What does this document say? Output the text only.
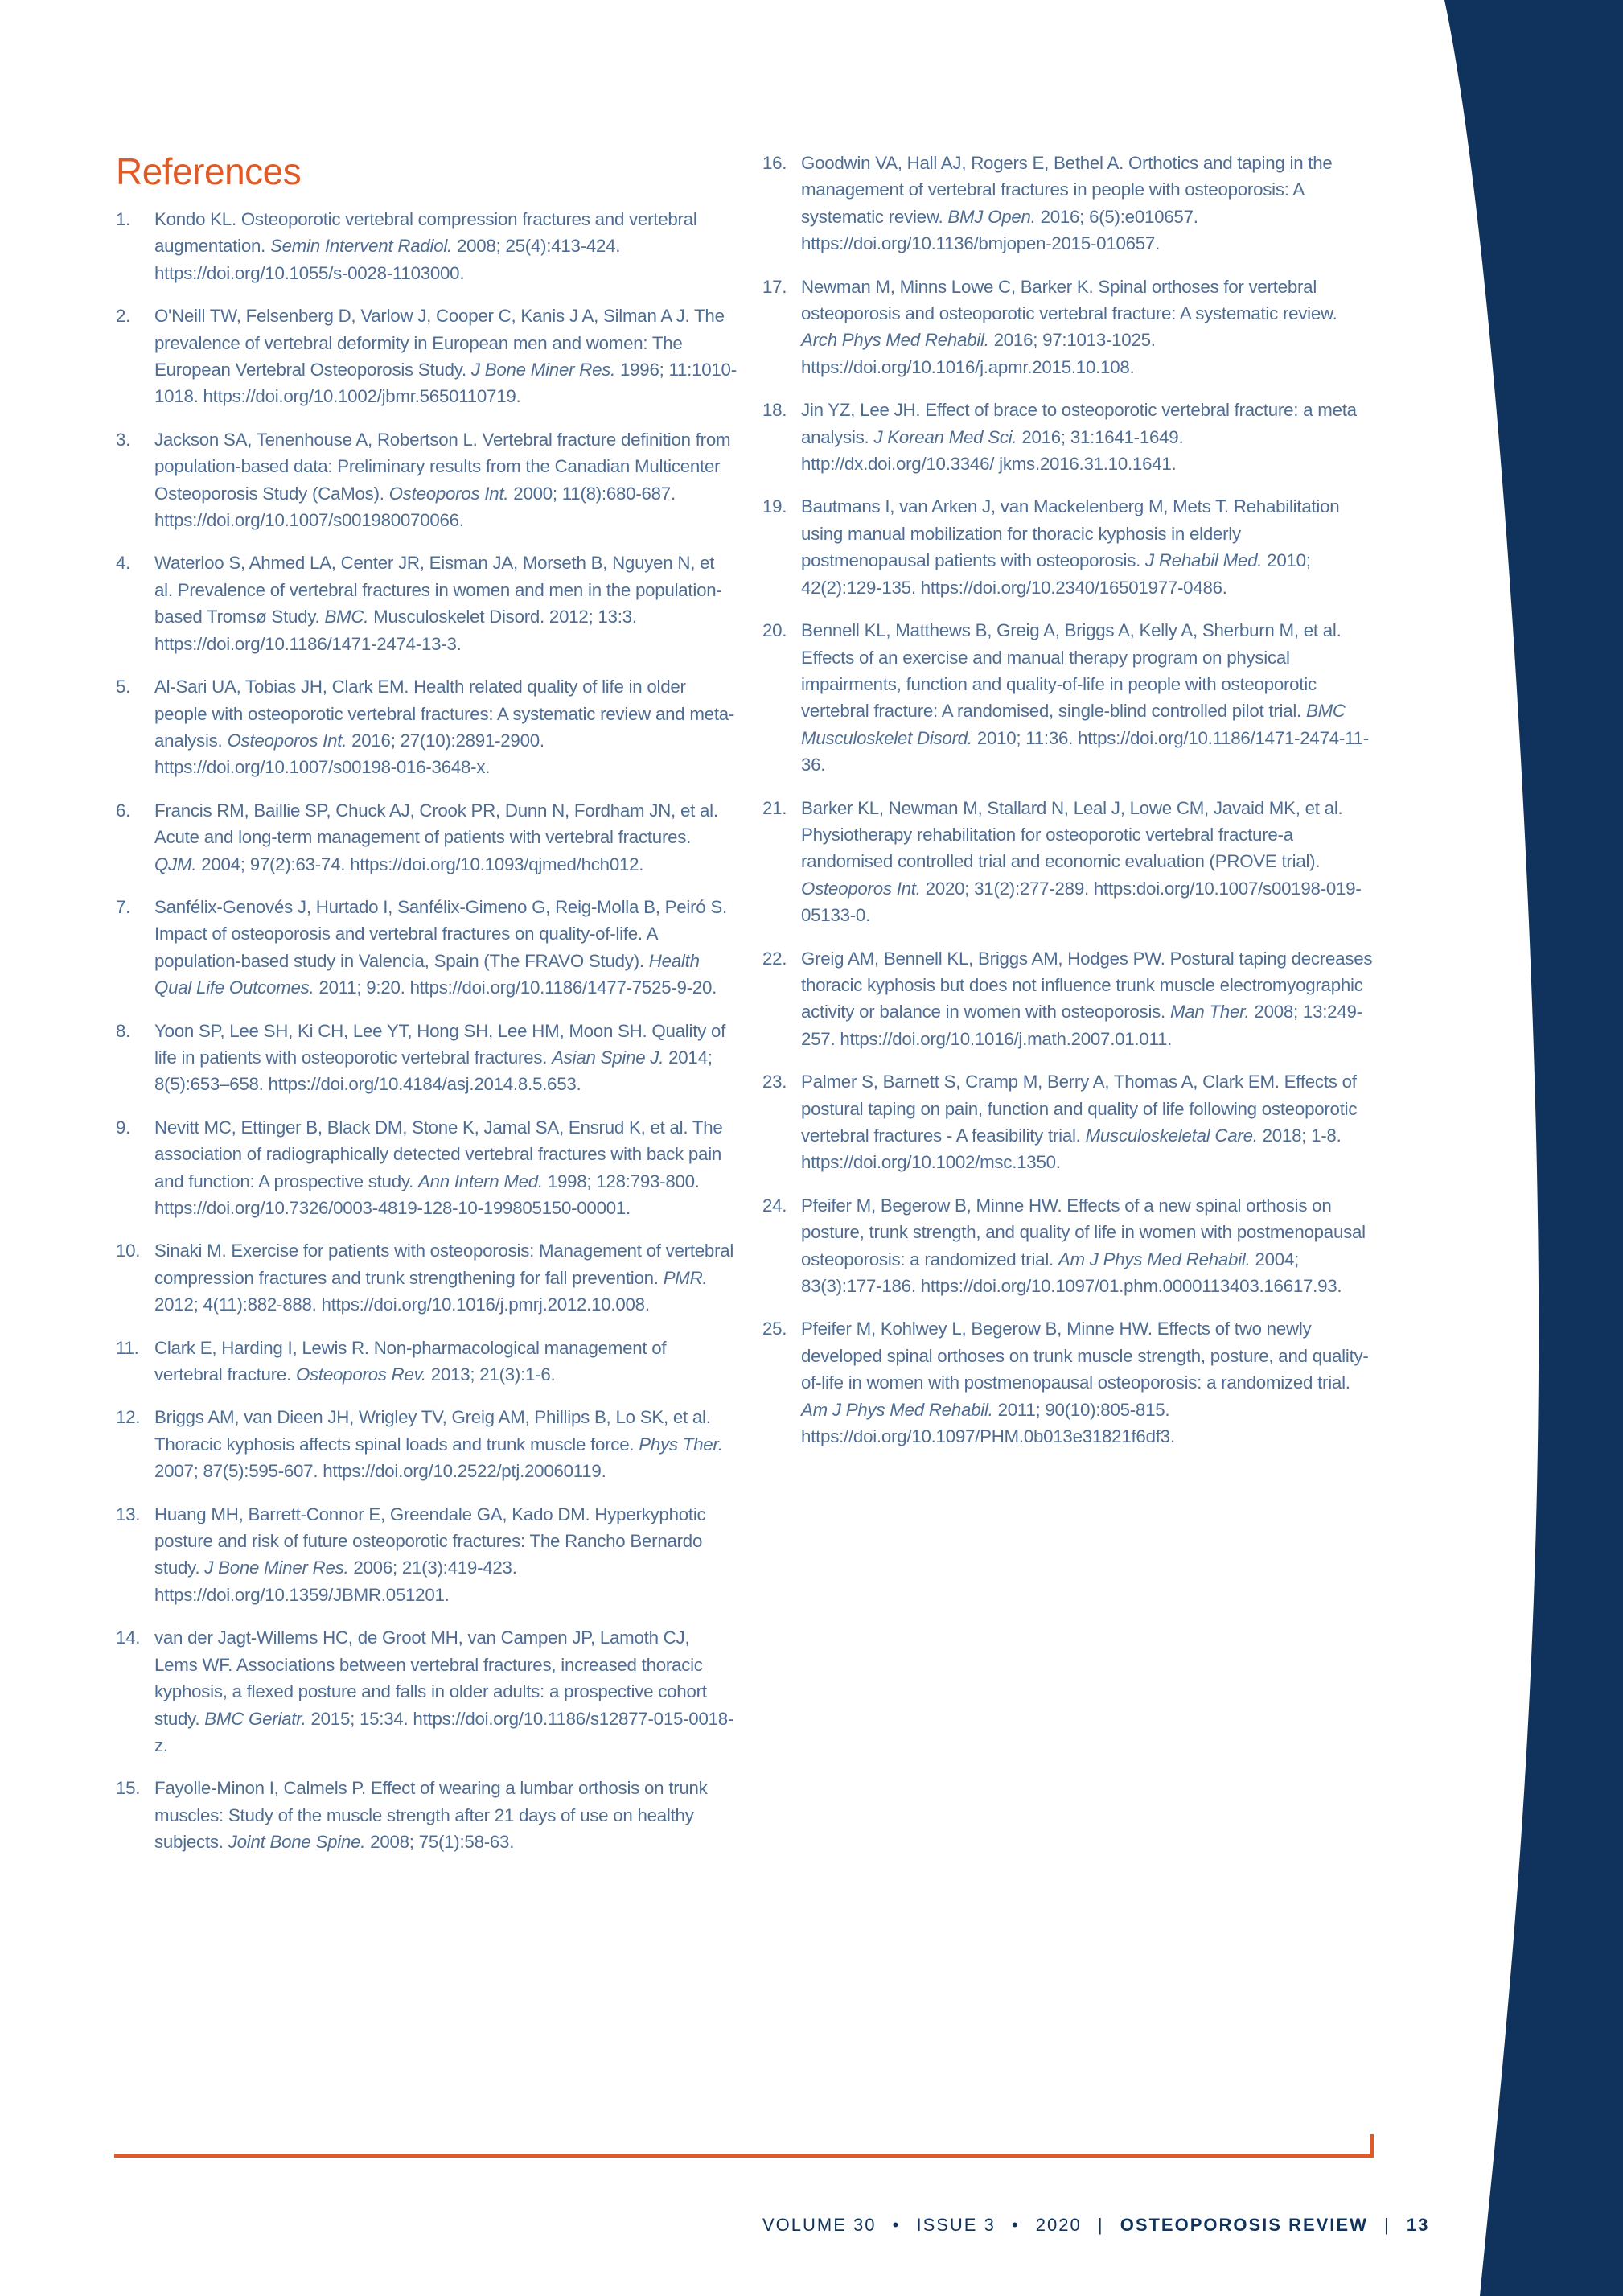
References
1. Kondo KL. Osteoporotic vertebral compression fractures and vertebral augmentation. Semin Intervent Radiol. 2008; 25(4):413-424. https://doi.org/10.1055/s-0028-1103000.
2. O'Neill TW, Felsenberg D, Varlow J, Cooper C, Kanis J A, Silman A J. The prevalence of vertebral deformity in European men and women: The European Vertebral Osteoporosis Study. J Bone Miner Res. 1996; 11:1010-1018. https://doi.org/10.1002/jbmr.5650110719.
3. Jackson SA, Tenenhouse A, Robertson L. Vertebral fracture definition from population-based data: Preliminary results from the Canadian Multicenter Osteoporosis Study (CaMos). Osteoporos Int. 2000; 11(8):680-687. https://doi.org/10.1007/s001980070066.
4. Waterloo S, Ahmed LA, Center JR, Eisman JA, Morseth B, Nguyen N, et al. Prevalence of vertebral fractures in women and men in the population-based Tromsø Study. BMC. Musculoskelet Disord. 2012; 13:3. https://doi.org/10.1186/1471-2474-13-3.
5. Al-Sari UA, Tobias JH, Clark EM. Health related quality of life in older people with osteoporotic vertebral fractures: A systematic review and meta-analysis. Osteoporos Int. 2016; 27(10):2891-2900. https://doi.org/10.1007/s00198-016-3648-x.
6. Francis RM, Baillie SP, Chuck AJ, Crook PR, Dunn N, Fordham JN, et al. Acute and long-term management of patients with vertebral fractures. QJM. 2004; 97(2):63-74. https://doi.org/10.1093/qjmed/hch012.
7. Sanfélix-Genovés J, Hurtado I, Sanfélix-Gimeno G, Reig-Molla B, Peiró S. Impact of osteoporosis and vertebral fractures on quality-of-life. A population-based study in Valencia, Spain (The FRAVO Study). Health Qual Life Outcomes. 2011; 9:20. https://doi.org/10.1186/1477-7525-9-20.
8. Yoon SP, Lee SH, Ki CH, Lee YT, Hong SH, Lee HM, Moon SH. Quality of life in patients with osteoporotic vertebral fractures. Asian Spine J. 2014; 8(5):653–658. https://doi.org/10.4184/asj.2014.8.5.653.
9. Nevitt MC, Ettinger B, Black DM, Stone K, Jamal SA, Ensrud K, et al. The association of radiographically detected vertebral fractures with back pain and function: A prospective study. Ann Intern Med. 1998; 128:793-800. https://doi.org/10.7326/0003-4819-128-10-199805150-00001.
10. Sinaki M. Exercise for patients with osteoporosis: Management of vertebral compression fractures and trunk strengthening for fall prevention. PMR. 2012; 4(11):882-888. https://doi.org/10.1016/j.pmrj.2012.10.008.
11. Clark E, Harding I, Lewis R. Non-pharmacological management of vertebral fracture. Osteoporos Rev. 2013; 21(3):1-6.
12. Briggs AM, van Dieen JH, Wrigley TV, Greig AM, Phillips B, Lo SK, et al. Thoracic kyphosis affects spinal loads and trunk muscle force. Phys Ther. 2007; 87(5):595-607. https://doi.org/10.2522/ptj.20060119.
13. Huang MH, Barrett-Connor E, Greendale GA, Kado DM. Hyperkyphotic posture and risk of future osteoporotic fractures: The Rancho Bernardo study. J Bone Miner Res. 2006; 21(3):419-423. https://doi.org/10.1359/JBMR.051201.
14. van der Jagt-Willems HC, de Groot MH, van Campen JP, Lamoth CJ, Lems WF. Associations between vertebral fractures, increased thoracic kyphosis, a flexed posture and falls in older adults: a prospective cohort study. BMC Geriatr. 2015; 15:34. https://doi.org/10.1186/s12877-015-0018-z.
15. Fayolle-Minon I, Calmels P. Effect of wearing a lumbar orthosis on trunk muscles: Study of the muscle strength after 21 days of use on healthy subjects. Joint Bone Spine. 2008; 75(1):58-63.
16. Goodwin VA, Hall AJ, Rogers E, Bethel A. Orthotics and taping in the management of vertebral fractures in people with osteoporosis: A systematic review. BMJ Open. 2016; 6(5):e010657. https://doi.org/10.1136/bmjopen-2015-010657.
17. Newman M, Minns Lowe C, Barker K. Spinal orthoses for vertebral osteoporosis and osteoporotic vertebral fracture: A systematic review. Arch Phys Med Rehabil. 2016; 97:1013-1025. https://doi.org/10.1016/j.apmr.2015.10.108.
18. Jin YZ, Lee JH. Effect of brace to osteoporotic vertebral fracture: a meta analysis. J Korean Med Sci. 2016; 31:1641-1649. http://dx.doi.org/10.3346/ jkms.2016.31.10.1641.
19. Bautmans I, van Arken J, van Mackelenberg M, Mets T. Rehabilitation using manual mobilization for thoracic kyphosis in elderly postmenopausal patients with osteoporosis. J Rehabil Med. 2010; 42(2):129-135. https://doi.org/10.2340/16501977-0486.
20. Bennell KL, Matthews B, Greig A, Briggs A, Kelly A, Sherburn M, et al. Effects of an exercise and manual therapy program on physical impairments, function and quality-of-life in people with osteoporotic vertebral fracture: A randomised, single-blind controlled pilot trial. BMC Musculoskelet Disord. 2010; 11:36. https://doi.org/10.1186/1471-2474-11-36.
21. Barker KL, Newman M, Stallard N, Leal J, Lowe CM, Javaid MK, et al. Physiotherapy rehabilitation for osteoporotic vertebral fracture-a randomised controlled trial and economic evaluation (PROVE trial). Osteoporos Int. 2020; 31(2):277-289. https:doi.org/10.1007/s00198-019-05133-0.
22. Greig AM, Bennell KL, Briggs AM, Hodges PW. Postural taping decreases thoracic kyphosis but does not influence trunk muscle electromyographic activity or balance in women with osteoporosis. Man Ther. 2008; 13:249-257. https://doi.org/10.1016/j.math.2007.01.011.
23. Palmer S, Barnett S, Cramp M, Berry A, Thomas A, Clark EM. Effects of postural taping on pain, function and quality of life following osteoporotic vertebral fractures - A feasibility trial. Musculoskeletal Care. 2018; 1-8. https://doi.org/10.1002/msc.1350.
24. Pfeifer M, Begerow B, Minne HW. Effects of a new spinal orthosis on posture, trunk strength, and quality of life in women with postmenopausal osteoporosis: a randomized trial. Am J Phys Med Rehabil. 2004; 83(3):177-186. https://doi.org/10.1097/01.phm.0000113403.16617.93.
25. Pfeifer M, Kohlwey L, Begerow B, Minne HW. Effects of two newly developed spinal orthoses on trunk muscle strength, posture, and quality-of-life in women with postmenopausal osteoporosis: a randomized trial. Am J Phys Med Rehabil. 2011; 90(10):805-815. https://doi.org/10.1097/PHM.0b013e31821f6df3.
VOLUME 30 • ISSUE 3 • 2020 | OSTEOPOROSIS REVIEW | 13
